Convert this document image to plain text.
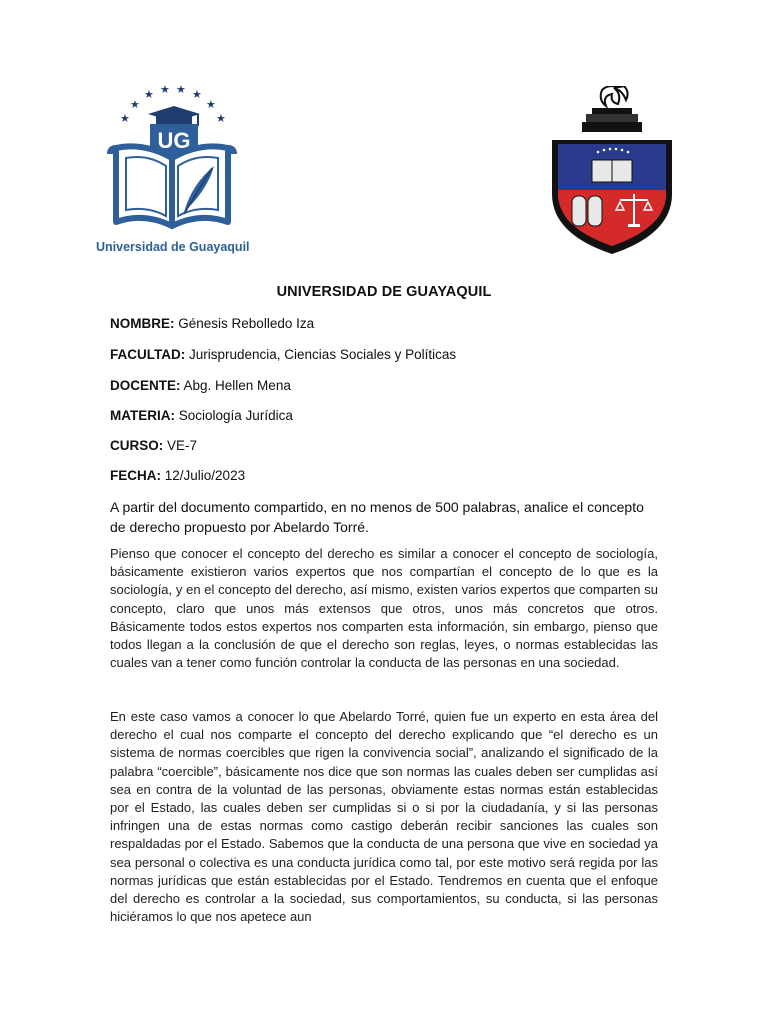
★
★
★ ★ ★ ★
★
★
UG
Universidad de Guayaquil
UNIVERSIDAD DE GUAYAQUIL
NOMBRE: Génesis Rebolledo Iza
FACULTAD: Jurisprudencia, Ciencias Sociales y Políticas
DOCENTE: Abg. Hellen Mena
MATERIA: Sociología Jurídica
CURSO: VE-7
FECHA: 12/Julio/2023
A partir del documento compartido, en no menos de 500 palabras, analice el concepto de derecho propuesto por Abelardo Torré.
Pienso que conocer el concepto del derecho es similar a conocer el concepto de sociología, básicamente existieron varios expertos que nos compartían el concepto de lo que es la sociología, y en el concepto del derecho, así mismo, existen varios expertos que comparten su concepto, claro que unos más extensos que otros, unos más concretos que otros. Básicamente todos estos expertos nos comparten esta información, sin embargo, pienso que todos llegan a la conclusión de que el derecho son reglas, leyes, o normas establecidas las cuales van a tener como función controlar la conducta de las personas en una sociedad.
En este caso vamos a conocer lo que Abelardo Torré, quien fue un experto en esta área del derecho el cual nos comparte el concepto del derecho explicando que “el derecho es un sistema de normas coercibles que rigen la convivencia social”, analizando el significado de la palabra “coercible”, básicamente nos dice que son normas las cuales deben ser cumplidas así sea en contra de la voluntad de las personas, obviamente estas normas están establecidas por el Estado, las cuales deben ser cumplidas si o si por la ciudadanía, y si las personas infringen una de estas normas como castigo deberán recibir sanciones las cuales son respaldadas por el Estado. Sabemos que la conducta de una persona que vive en sociedad ya sea personal o colectiva es una conducta jurídica como tal, por este motivo será regida por las normas jurídicas que están establecidas por el Estado. Tendremos en cuenta que el enfoque del derecho es controlar a la sociedad, sus comportamientos, su conducta, si las personas hiciéramos lo que nos apetece aun
